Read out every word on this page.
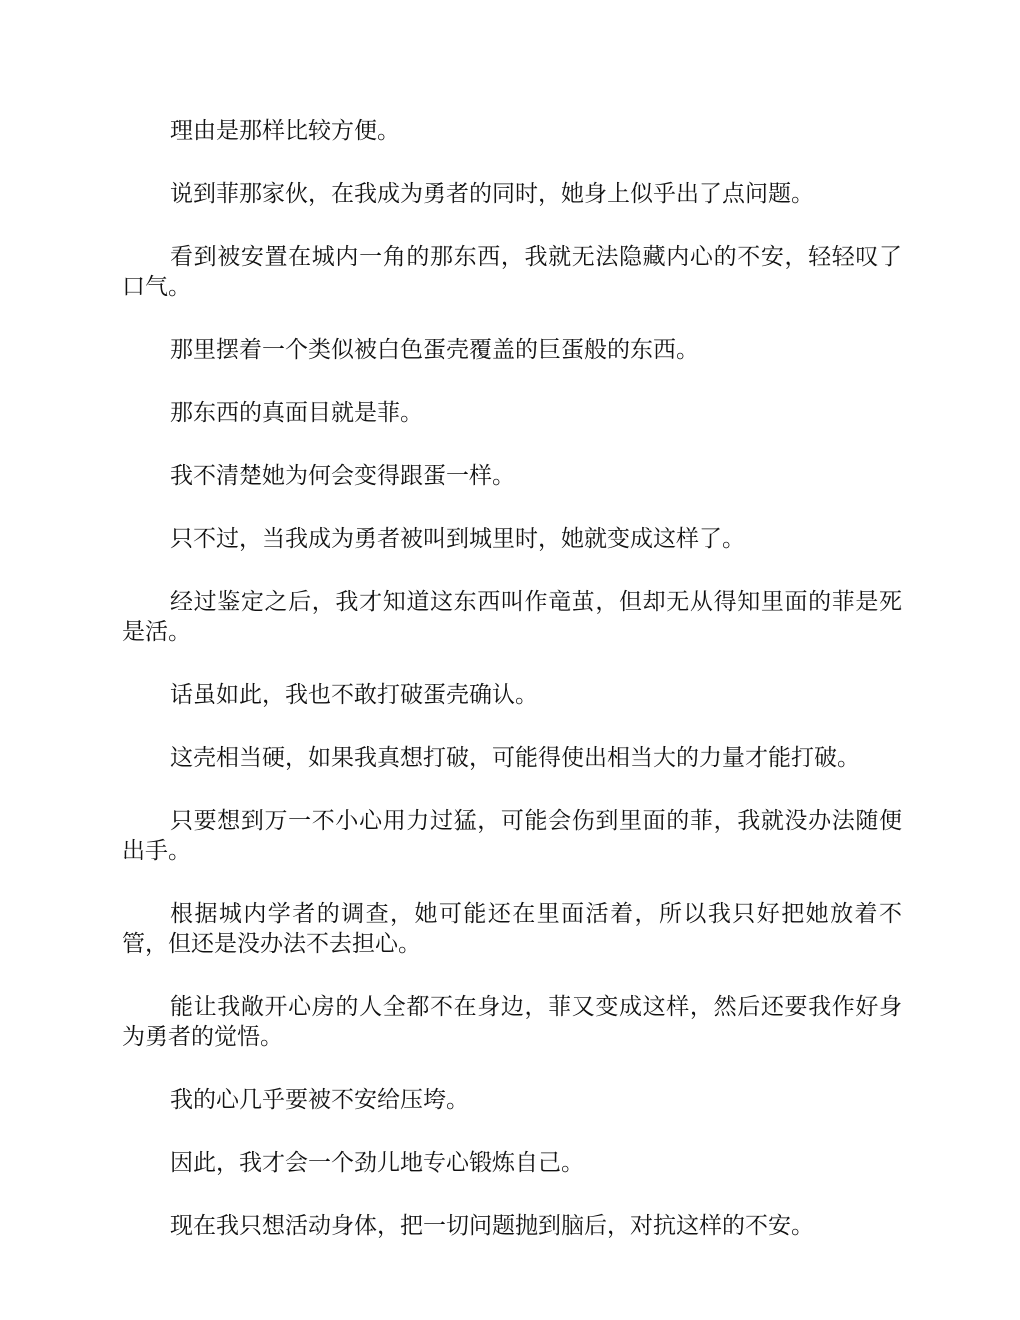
理由是那样比较方便。

说到菲那家伙，在我成为勇者的同时，她身上似乎出了点问题。

看到被安置在城内一角的那东西，我就无法隐藏内心的不安，轻轻叹了口气。

那里摆着一个类似被白色蛋壳覆盖的巨蛋般的东西。

那东西的真面目就是菲。

我不清楚她为何会变得跟蛋一样。

只不过，当我成为勇者被叫到城里时，她就变成这样了。

经过鉴定之后，我才知道这东西叫作竜茧，但却无从得知里面的菲是死是活。

话虽如此，我也不敢打破蛋壳确认。

这壳相当硬，如果我真想打破，可能得使出相当大的力量才能打破。

只要想到万一不小心用力过猛，可能会伤到里面的菲，我就没办法随便出手。

根据城内学者的调查，她可能还在里面活着，所以我只好把她放着不管，但还是没办法不去担心。

能让我敞开心房的人全都不在身边，菲又变成这样，然后还要我作好身为勇者的觉悟。

我的心几乎要被不安给压垮。

因此，我才会一个劲儿地专心锻炼自己。

现在我只想活动身体，把一切问题抛到脑后，对抗这样的不安。
